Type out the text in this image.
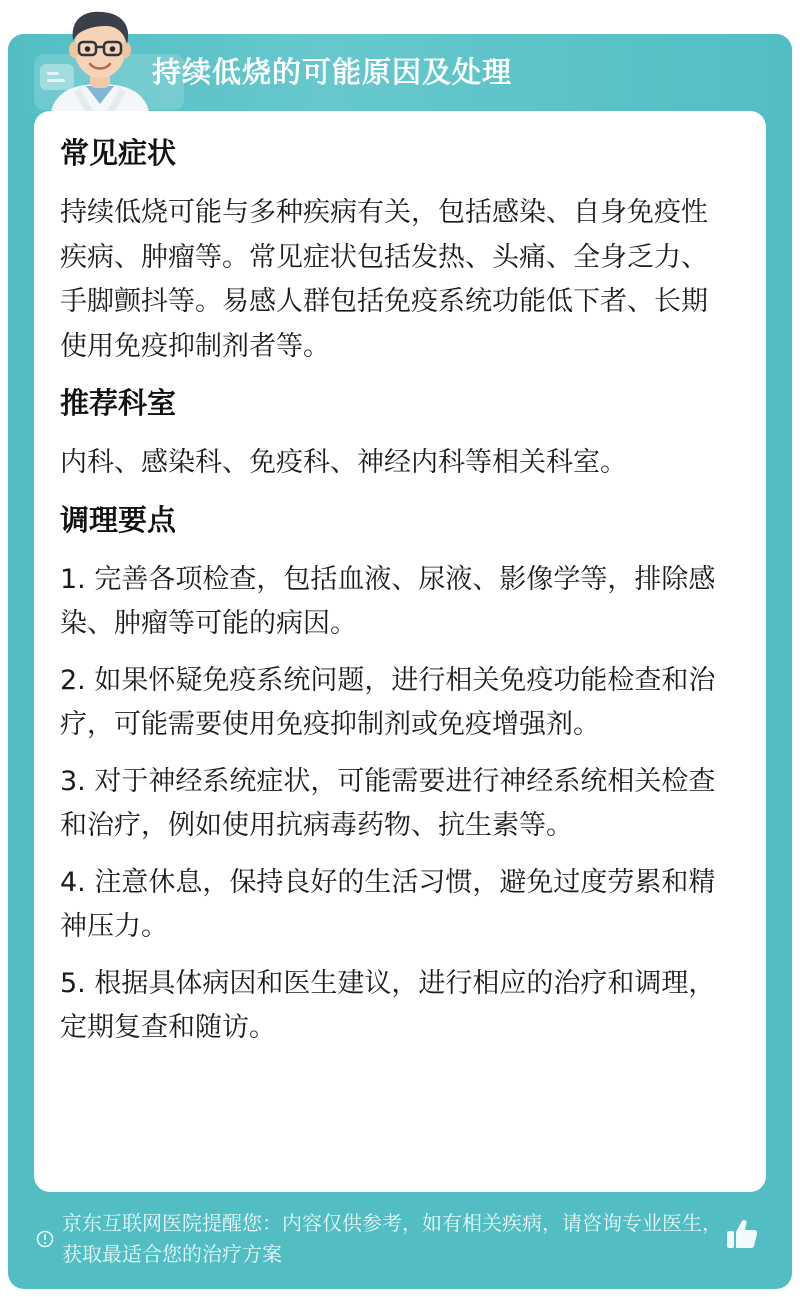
持续低烧的可能原因及处理
常见症状
持续低烧可能与多种疾病有关，包括感染、自身免疫性疾病、肿瘤等。常见症状包括发热、头痛、全身乏力、手脚颤抖等。易感人群包括免疫系统功能低下者、长期使用免疫抑制剂者等。
推荐科室
内科、感染科、免疫科、神经内科等相关科室。
调理要点
1. 完善各项检查，包括血液、尿液、影像学等，排除感染、肿瘤等可能的病因。
2. 如果怀疑免疫系统问题，进行相关免疫功能检查和治疗，可能需要使用免疫抑制剂或免疫增强剂。
3. 对于神经系统症状，可能需要进行神经系统相关检查和治疗，例如使用抗病毒药物、抗生素等。
4. 注意休息，保持良好的生活习惯，避免过度劳累和精神压力。
5. 根据具体病因和医生建议，进行相应的治疗和调理，定期复查和随访。
京东互联网医院提醒您：内容仅供参考，如有相关疾病，请咨询专业医生，获取最适合您的治疗方案
